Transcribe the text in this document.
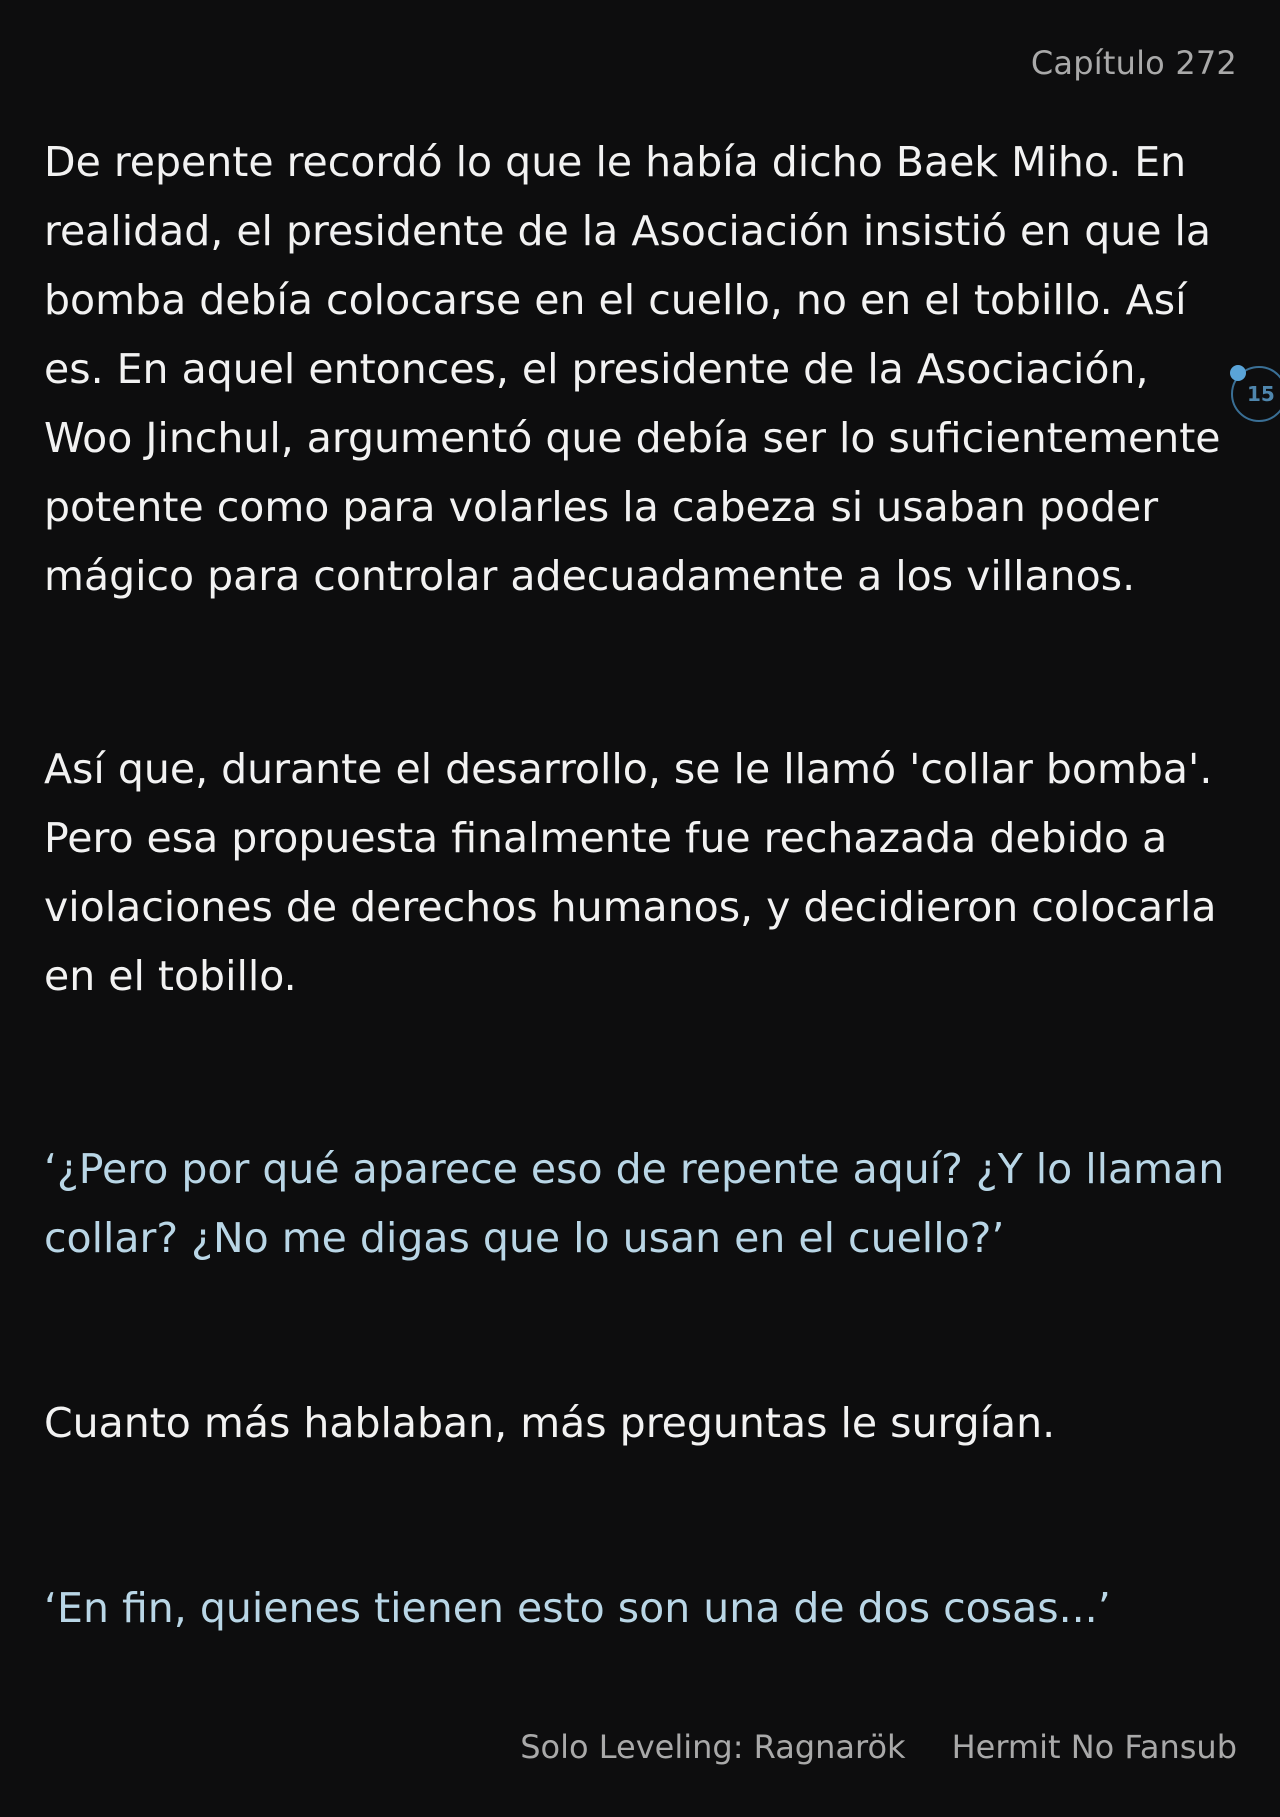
Capítulo 272

De repente recordó lo que le había dicho Baek Miho. En realidad, el presidente de la Asociación insistió en que la bomba debía colocarse en el cuello, no en el tobillo. Así es. En aquel entonces, el presidente de la Asociación, Woo Jinchul, argumentó que debía ser lo suficientemente potente como para volarles la cabeza si usaban poder mágico para controlar adecuadamente a los villanos.

Así que, durante el desarrollo, se le llamó 'collar bomba'. Pero esa propuesta finalmente fue rechazada debido a violaciones de derechos humanos, y decidieron colocarla en el tobillo.

‘¿Pero por qué aparece eso de repente aquí? ¿Y lo llaman collar? ¿No me digas que lo usan en el cuello?’

Cuanto más hablaban, más preguntas le surgían.

‘En fin, quienes tienen esto son una de dos cosas...’

15
Solo Leveling: Ragnarök Hermit No Fansub
